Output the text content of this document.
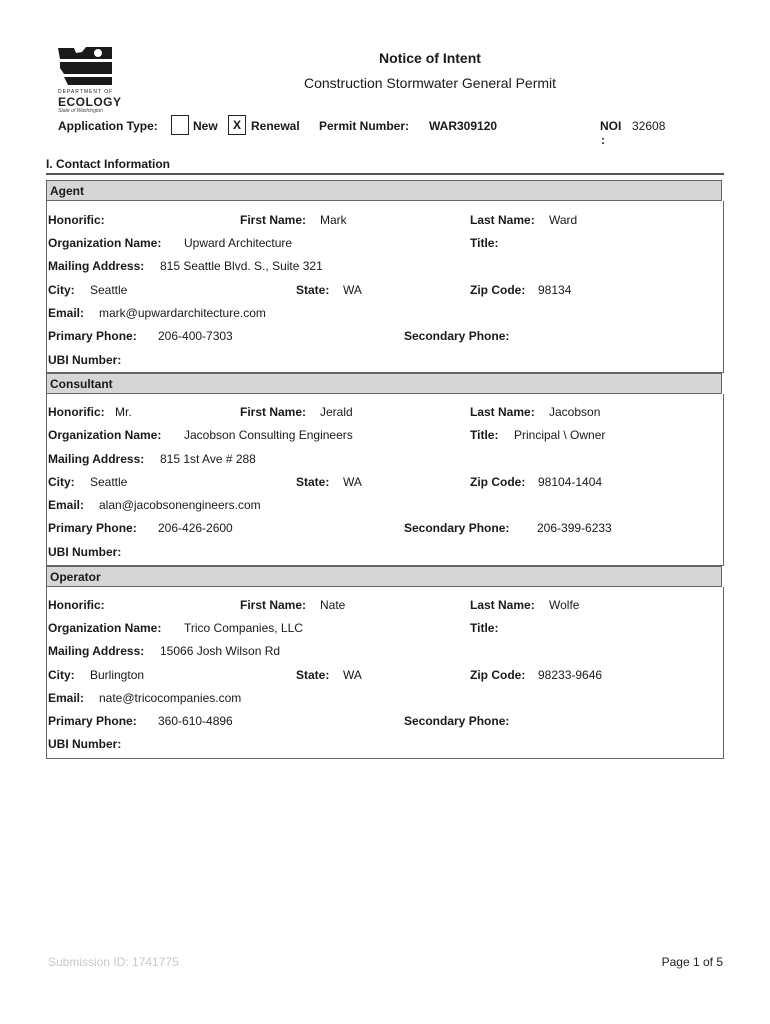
DEPARTMENT OF
ECOLOGY
State of Washington
Notice of Intent
Construction Stormwater General Permit
Application Type:	New	X Renewal Permit Number: WAR309120	NOI
:
32608
I. Contact Information
Agent
Honorific:	First Name: Mark	Last Name: Ward
Organization Name: Upward Architecture	Title:
Mailing Address: 815 Seattle Blvd. S., Suite 321
City: Seattle	State: WA	Zip Code: 98134
Email: mark@upwardarchitecture.com
Primary Phone: 206-400-7303	Secondary Phone:
UBI Number:
Consultant
Honorific: Mr.	First Name: Jerald	Last Name: Jacobson
Organization Name: Jacobson Consulting Engineers	Title: Principal \ Owner
Mailing Address: 815 1st Ave # 288
City: Seattle	State: WA	Zip Code: 98104-1404
Email: alan@jacobsonengineers.com
Primary Phone: 206-426-2600	Secondary Phone: 206-399-6233
UBI Number:
Operator
Honorific:	First Name: Nate	Last Name: Wolfe
Organization Name: Trico Companies, LLC	Title:
Mailing Address: 15066 Josh Wilson Rd
City: Burlington	State: WA	Zip Code: 98233-9646
Email: nate@tricocompanies.com
Primary Phone: 360-610-4896	Secondary Phone:
UBI Number:
Submission ID: 1741775	Page 1 of 5
